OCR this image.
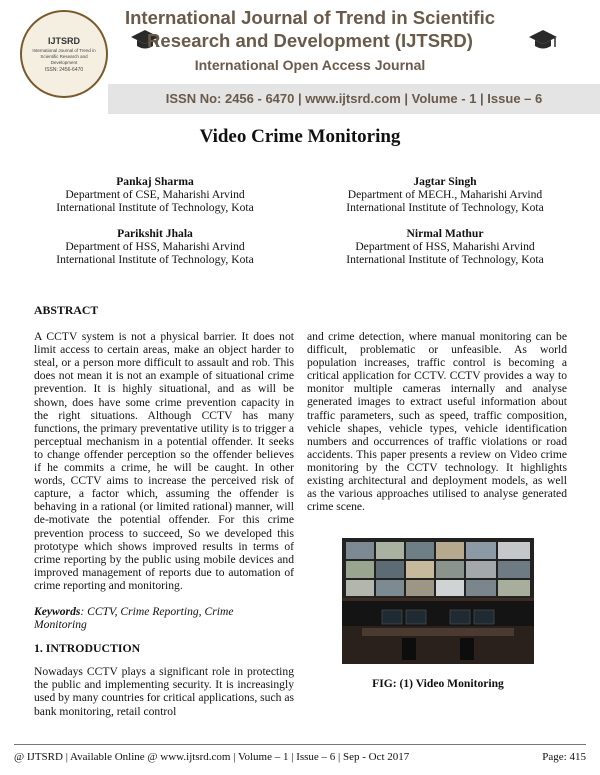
IJTSRD
International Journal of Trend in Scientific Research and Development
ISSN: 2456-6470
International Journal of Trend in Scientific
Research and Development (IJTSRD)
International Open Access Journal
ISSN No: 2456 - 6470 | www.ijtsrd.com | Volume - 1 | Issue – 6
Video Crime Monitoring
Pankaj Sharma
Department of CSE, Maharishi Arvind
International Institute of Technology, Kota
Jagtar Singh
Department of MECH., Maharishi Arvind
International Institute of Technology, Kota
Parikshit Jhala
Department of HSS, Maharishi Arvind
International Institute of Technology, Kota
Nirmal Mathur
Department of HSS, Maharishi Arvind
International Institute of Technology, Kota

ABSTRACT

A CCTV system is not a physical barrier. It does not limit access to certain areas, make an object harder to steal, or a person more difficult to assault and rob. This does not mean it is not an example of situational crime prevention. It is highly situational, and as will be shown, does have some crime prevention capacity in the right situations. Although CCTV has many functions, the primary preventative utility is to trigger a perceptual mechanism in a potential offender. It seeks to change offender perception so the offender believes if he commits a crime, he will be caught. In other words, CCTV aims to increase the perceived risk of capture, a factor which, assuming the offender is behaving in a rational (or limited rational) manner, will de-motivate the potential offender. For this crime prevention process to succeed, So we developed this prototype which shows improved results in terms of crime reporting by the public using mobile devices and improved management of reports due to automation of crime reporting and monitoring.

Keywords: CCTV, Crime Reporting, Crime

Monitoring

1. INTRODUCTION

Nowadays CCTV plays a significant role in protecting the public and implementing security. It is increasingly used by many countries for critical applications, such as bank monitoring, retail control

and crime detection, where manual monitoring can be difficult, problematic or unfeasible. As world population increases, traffic control is becoming a critical application for CCTV. CCTV provides a way to monitor multiple cameras internally and analyse generated images to extract useful information about traffic parameters, such as speed, traffic composition, vehicle shapes, vehicle types, vehicle identification numbers and occurrences of traffic violations or road accidents. This paper presents a review on Video crime monitoring by the CCTV technology. It highlights existing architectural and deployment models, as well as the various approaches utilised to analyse generated crime scene.

FIG: (1) Video Monitoring
@ IJTSRD | Available Online @ www.ijtsrd.com | Volume – 1 | Issue – 6 | Sep - Oct 2017	Page: 415
